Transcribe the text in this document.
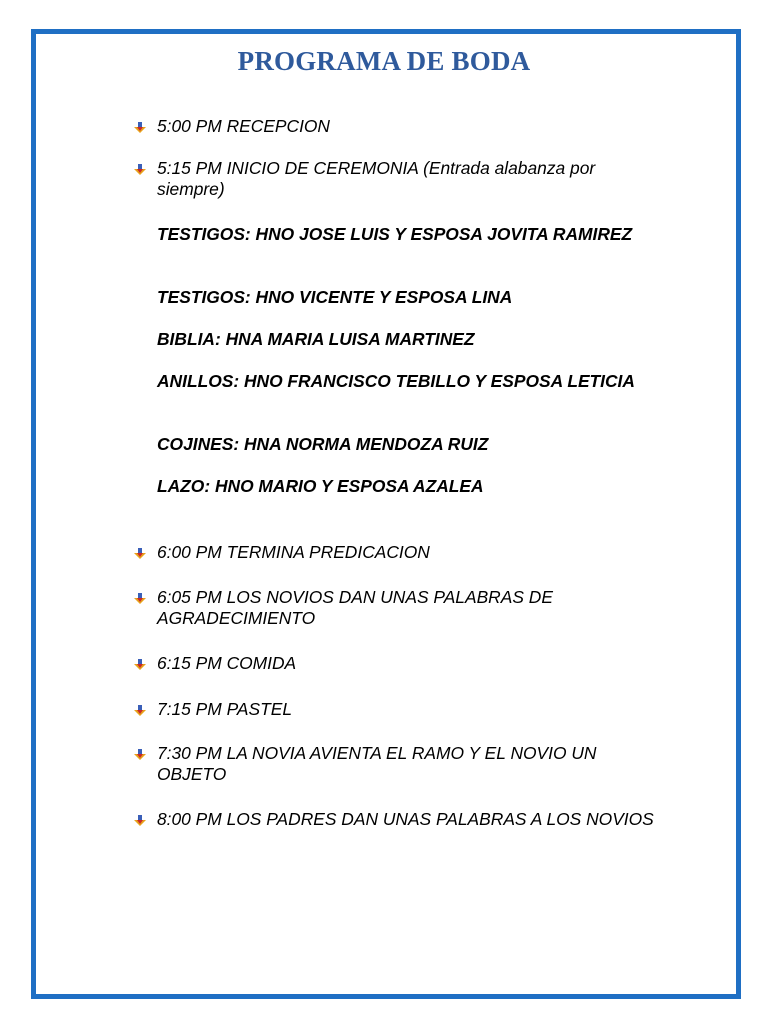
PROGRAMA DE BODA
5:00 PM RECEPCION
5:15 PM INICIO DE CEREMONIA (Entrada alabanza por siempre)
TESTIGOS: HNO JOSE LUIS Y ESPOSA JOVITA RAMIREZ
TESTIGOS: HNO VICENTE Y ESPOSA LINA
BIBLIA: HNA MARIA LUISA MARTINEZ
ANILLOS: HNO FRANCISCO TEBILLO Y ESPOSA LETICIA
COJINES: HNA NORMA MENDOZA RUIZ
LAZO: HNO MARIO Y ESPOSA AZALEA
6:00 PM TERMINA PREDICACION
6:05 PM LOS NOVIOS DAN UNAS PALABRAS DE AGRADECIMIENTO
6:15 PM COMIDA
7:15 PM PASTEL
7:30 PM LA NOVIA AVIENTA EL RAMO Y EL NOVIO UN OBJETO
8:00 PM LOS PADRES DAN UNAS PALABRAS A LOS NOVIOS
